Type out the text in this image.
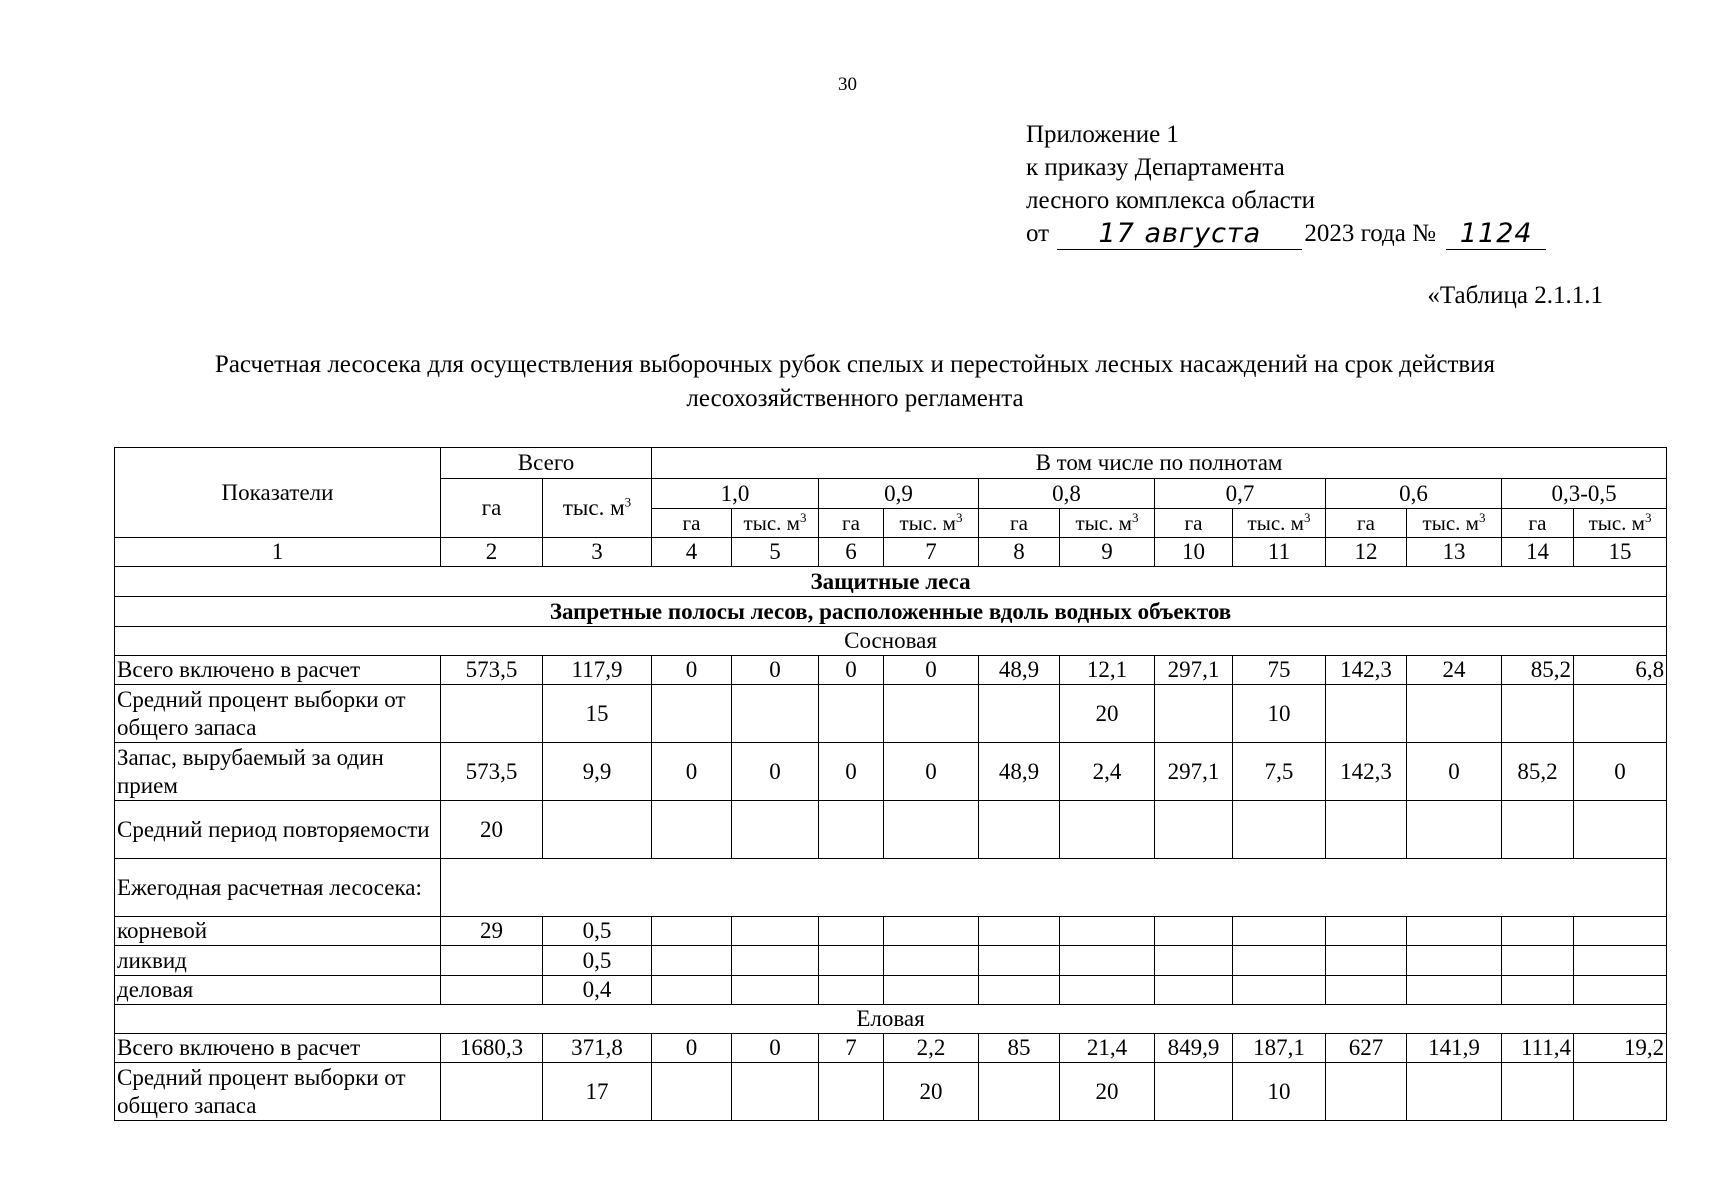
30
Приложение 1
к приказу Департамента
лесного комплекса области
от 17 августа 2023 года № 1124
«Таблица 2.1.1.1
Расчетная лесосека для осуществления выборочных рубок спелых и перестойных лесных насаждений на срок действия лесохозяйственного регламента
Показатели	Всего		В том числе по полнотам											
	га	тыс. $м^3$	1,0		0,9		0,8		0,7		0,6		0,3-0,5	
			га	тыс. $м^3$	га	тыс. $м^3$	га	тыс. $м^3$	га	тыс. $м^3$	га	тыс. $м^3$	га	тыс. $м^3$
1	2	3	4	5	6	7	8	9	10	11	12	13	14	15
Защитные леса														
Запретные полосы лесов, расположенные вдоль водных объектов														
Сосновая														
Всего включено в расчет	573,5	117,9	0	0	0	0	48,9	12,1	297,1	75	142,3	24	85,2	6,8
Средний процент выборки от общего запаса		15						20		10				
Запас, вырубаемый за один прием	573,5	9,9	0	0	0	0	48,9	2,4	297,1	7,5	142,3	0	85,2	0
Средний период повторяемости	20													
Ежегодная расчетная лесосека:														
корневой	29	0,5												
ликвид		0,5												
деловая		0,4												
Еловая														
Всего включено в расчет	1680,3	371,8	0	0	7	2,2	85	21,4	849,9	187,1	627	141,9	111,4	19,2
Средний процент выборки от общего запаса		17				20		20		10				
